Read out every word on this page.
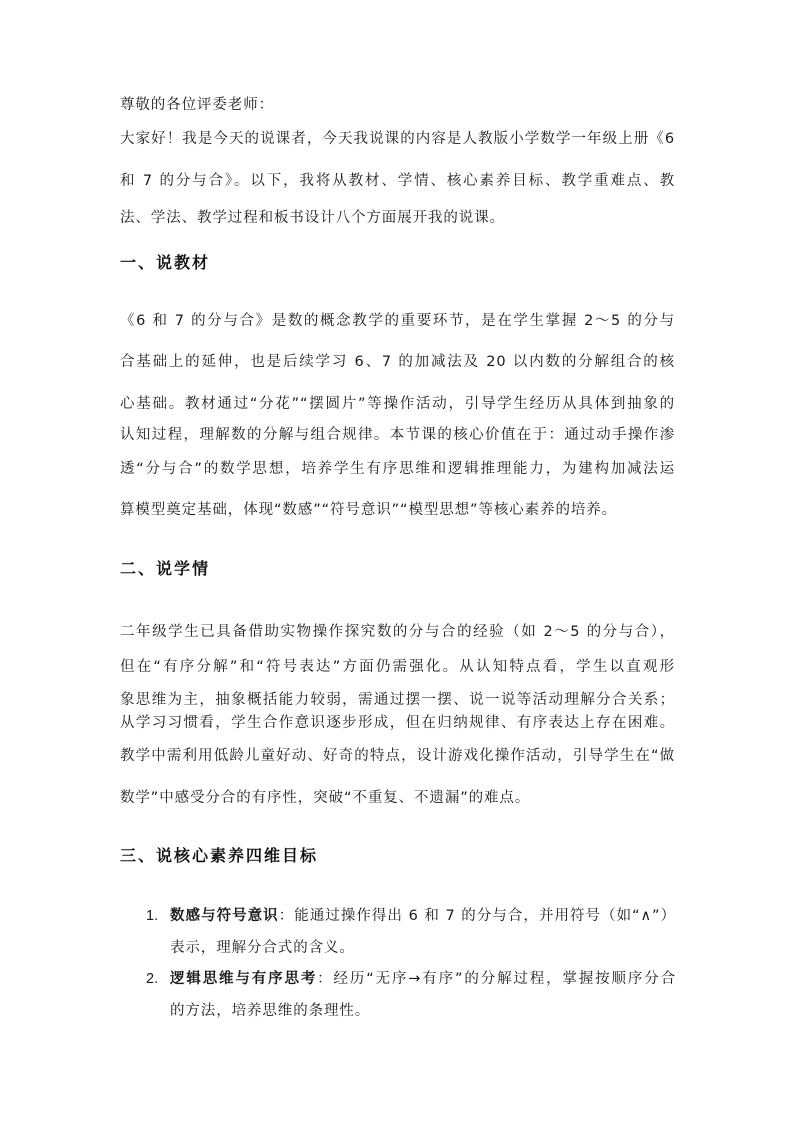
尊敬的各位评委老师：
大家好！我是今天的说课者，今天我说课的内容是人教版小学数学一年级上册《6
和 7 的分与合》。以下，我将从教材、学情、核心素养目标、教学重难点、教
法、学法、教学过程和板书设计八个方面展开我的说课。
一、说教材
《6 和 7 的分与合》是数的概念教学的重要环节，是在学生掌握 2～5 的分与
合基础上的延伸，也是后续学习 6、7 的加减法及 20 以内数的分解组合的核
心基础。教材通过“分花”“摆圆片”等操作活动，引导学生经历从具体到抽象的
认知过程，理解数的分解与组合规律。本节课的核心价值在于：通过动手操作渗
透“分与合”的数学思想，培养学生有序思维和逻辑推理能力，为建构加减法运
算模型奠定基础，体现“数感”“符号意识”“模型思想”等核心素养的培养。
二、说学情
二年级学生已具备借助实物操作探究数的分与合的经验（如 2～5 的分与合），
但在“有序分解”和“符号表达”方面仍需强化。从认知特点看，学生以直观形
象思维为主，抽象概括能力较弱，需通过摆一摆、说一说等活动理解分合关系；
从学习习惯看，学生合作意识逐步形成，但在归纳规律、有序表达上存在困难。
教学中需利用低龄儿童好动、好奇的特点，设计游戏化操作活动，引导学生在“做
数学”中感受分合的有序性，突破“不重复、不遗漏”的难点。
三、说核心素养四维目标
1. 数感与符号意识：能通过操作得出 6 和 7 的分与合，并用符号（如“∧”）
表示，理解分合式的含义。
2. 逻辑思维与有序思考：经历“无序→有序”的分解过程，掌握按顺序分合
的方法，培养思维的条理性。
